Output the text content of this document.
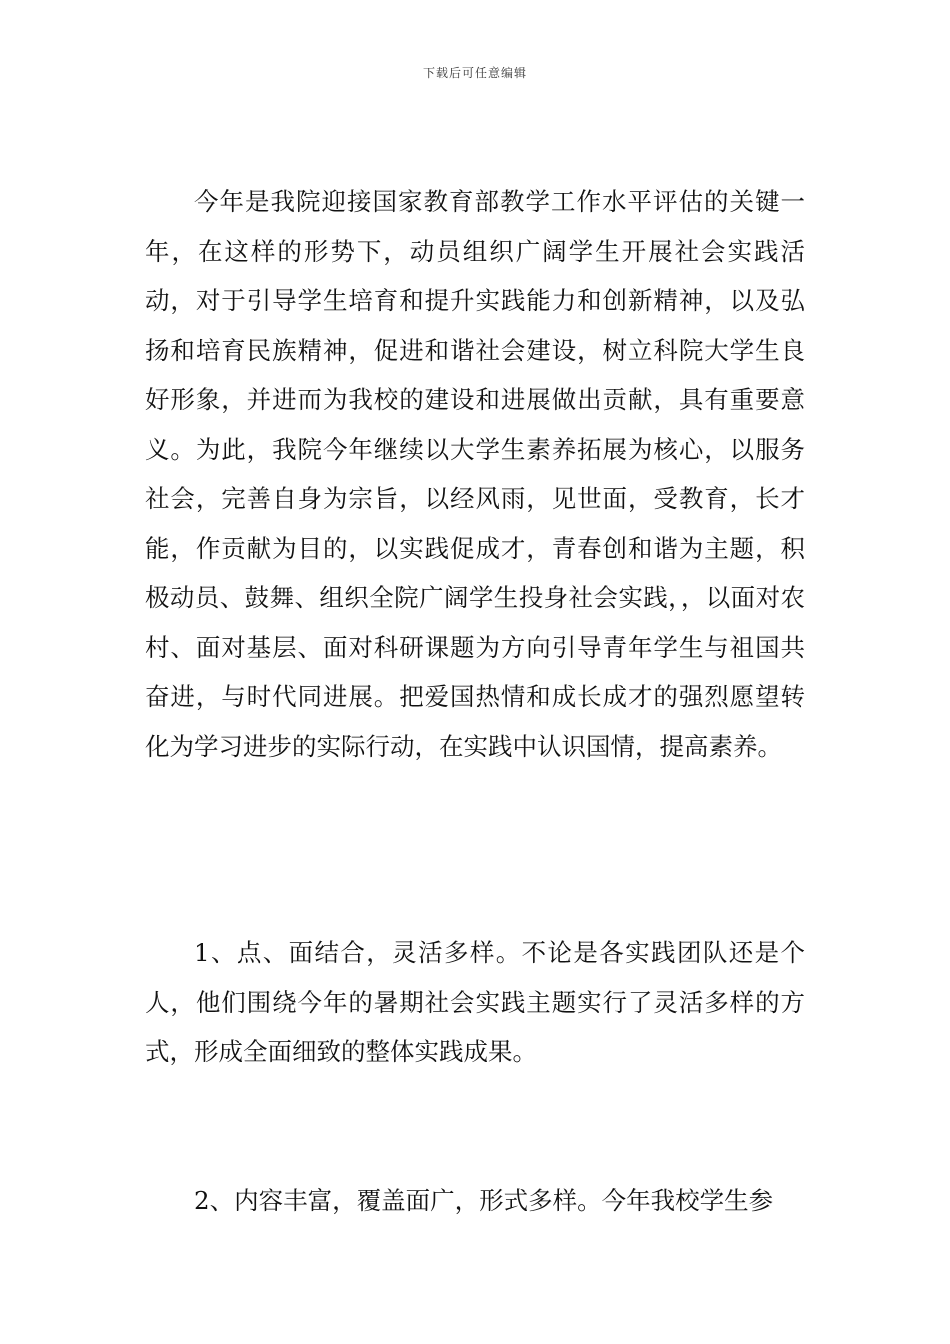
下载后可任意编辑

今年是我院迎接国家教育部教学工作水平评估的关键一年，在这样的形势下，动员组织广阔学生开展社会实践活动，对于引导学生培育和提升实践能力和创新精神，以及弘扬和培育民族精神，促进和谐社会建设，树立科院大学生良好形象，并进而为我校的建设和进展做出贡献，具有重要意义。为此，我院今年继续以大学生素养拓展为核心，以服务社会，完善自身为宗旨，以经风雨，见世面，受教育，长才能，作贡献为目的，以实践促成才，青春创和谐为主题，积极动员、鼓舞、组织全院广阔学生投身社会实践，，以面对农村、面对基层、面对科研课题为方向引导青年学生与祖国共奋进，与时代同进展。把爱国热情和成长成才的强烈愿望转化为学习进步的实际行动，在实践中认识国情，提高素养。

1、点、面结合，灵活多样。不论是各实践团队还是个人，他们围绕今年的暑期社会实践主题实行了灵活多样的方式，形成全面细致的整体实践成果。

2、内容丰富，覆盖面广，形式多样。今年我校学生参
